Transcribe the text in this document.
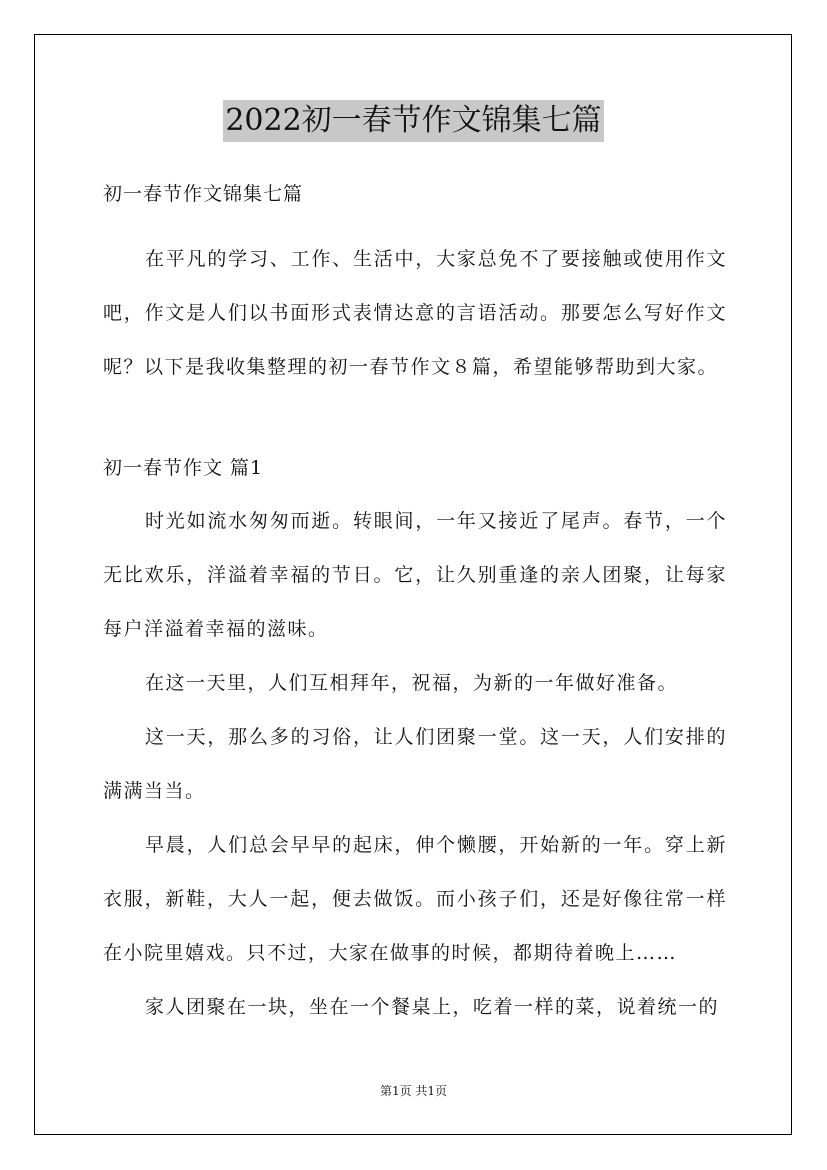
2022初一春节作文锦集七篇

初一春节作文锦集七篇

在平凡的学习、工作、生活中，大家总免不了要接触或使用作文吧，作文是人们以书面形式表情达意的言语活动。那要怎么写好作文呢？以下是我收集整理的初一春节作文８篇，希望能够帮助到大家。

初一春节作文 篇1

时光如流水匆匆而逝。转眼间，一年又接近了尾声。春节，一个无比欢乐，洋溢着幸福的节日。它，让久别重逢的亲人团聚，让每家每户洋溢着幸福的滋味。

在这一天里，人们互相拜年，祝福，为新的一年做好准备。

这一天，那么多的习俗，让人们团聚一堂。这一天，人们安排的满满当当。

早晨，人们总会早早的起床，伸个懒腰，开始新的一年。穿上新衣服，新鞋，大人一起，便去做饭。而小孩子们，还是好像往常一样在小院里嬉戏。只不过，大家在做事的时候，都期待着晚上……

家人团聚在一块，坐在一个餐桌上，吃着一样的菜，说着统一的

第1页 共1页
